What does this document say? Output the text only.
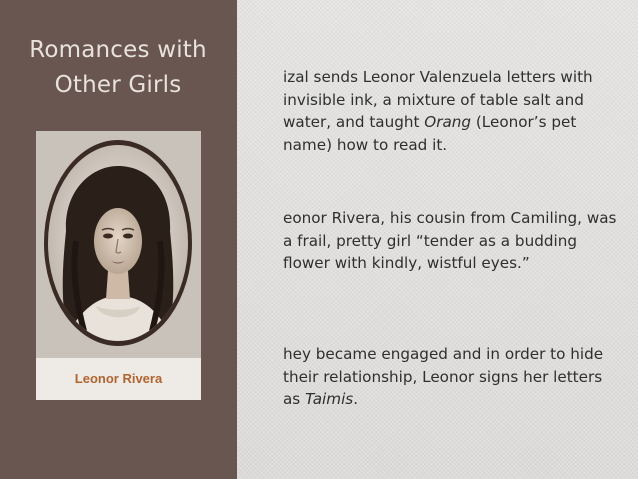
Romances with
Other Girls
Leonor Rivera

izal sends Leonor Valenzuela letters with invisible ink, a mixture of table salt and water, and taught Orang (Leonor’s pet name) how to read it.

eonor Rivera, his cousin from Camiling, was a frail, pretty girl “tender as a budding flower with kindly, wistful eyes.”

hey became engaged and in order to hide their relationship, Leonor signs her letters as Taimis.
